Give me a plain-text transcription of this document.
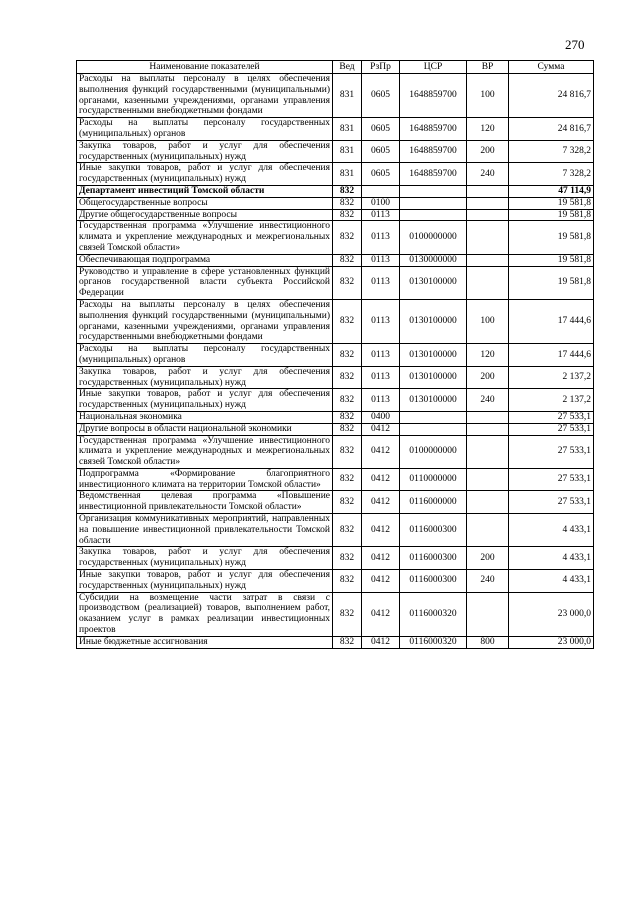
270
Наименование показателей	Вед	РзПр	ЦСР	ВР	Сумма
Расходы на выплаты персоналу в целях обеспечения выполнения функций государственными (муниципальными) органами, казенными учреждениями, органами управления государственными внебюджетными фондами	831	0605	1648859700	100	24 816,7
Расходы на выплаты персоналу государственных (муниципальных) органов	831	0605	1648859700	120	24 816,7
Закупка товаров, работ и услуг для обеспечения государственных (муниципальных) нужд	831	0605	1648859700	200	7 328,2
Иные закупки товаров, работ и услуг для обеспечения государственных (муниципальных) нужд	831	0605	1648859700	240	7 328,2
Департамент инвестиций Томской области	832				47 114,9
Общегосударственные вопросы	832	0100			19 581,8
Другие общегосударственные вопросы	832	0113			19 581,8
Государственная программа «Улучшение инвестиционного климата и укрепление международных и межрегиональных связей Томской области»	832	0113	0100000000		19 581,8
Обеспечивающая подпрограмма	832	0113	0130000000		19 581,8
Руководство и управление в сфере установленных функций органов государственной власти субъекта Российской Федерации	832	0113	0130100000		19 581,8
Расходы на выплаты персоналу в целях обеспечения выполнения функций государственными (муниципальными) органами, казенными учреждениями, органами управления государственными внебюджетными фондами	832	0113	0130100000	100	17 444,6
Расходы на выплаты персоналу государственных (муниципальных) органов	832	0113	0130100000	120	17 444,6
Закупка товаров, работ и услуг для обеспечения государственных (муниципальных) нужд	832	0113	0130100000	200	2 137,2
Иные закупки товаров, работ и услуг для обеспечения государственных (муниципальных) нужд	832	0113	0130100000	240	2 137,2
Национальная экономика	832	0400			27 533,1
Другие вопросы в области национальной экономики	832	0412			27 533,1
Государственная программа «Улучшение инвестиционного климата и укрепление международных и межрегиональных связей Томской области»	832	0412	0100000000		27 533,1
Подпрограмма «Формирование благоприятного инвестиционного климата на территории Томской области»	832	0412	0110000000		27 533,1
Ведомственная целевая программа «Повышение инвестиционной привлекательности Томской области»	832	0412	0116000000		27 533,1
Организация коммуникативных мероприятий, направленных на повышение инвестиционной привлекательности Томской области	832	0412	0116000300		4 433,1
Закупка товаров, работ и услуг для обеспечения государственных (муниципальных) нужд	832	0412	0116000300	200	4 433,1
Иные закупки товаров, работ и услуг для обеспечения государственных (муниципальных) нужд	832	0412	0116000300	240	4 433,1
Субсидии на возмещение части затрат в связи с производством (реализацией) товаров, выполнением работ, оказанием услуг в рамках реализации инвестиционных проектов	832	0412	0116000320		23 000,0
Иные бюджетные ассигнования	832	0412	0116000320	800	23 000,0
